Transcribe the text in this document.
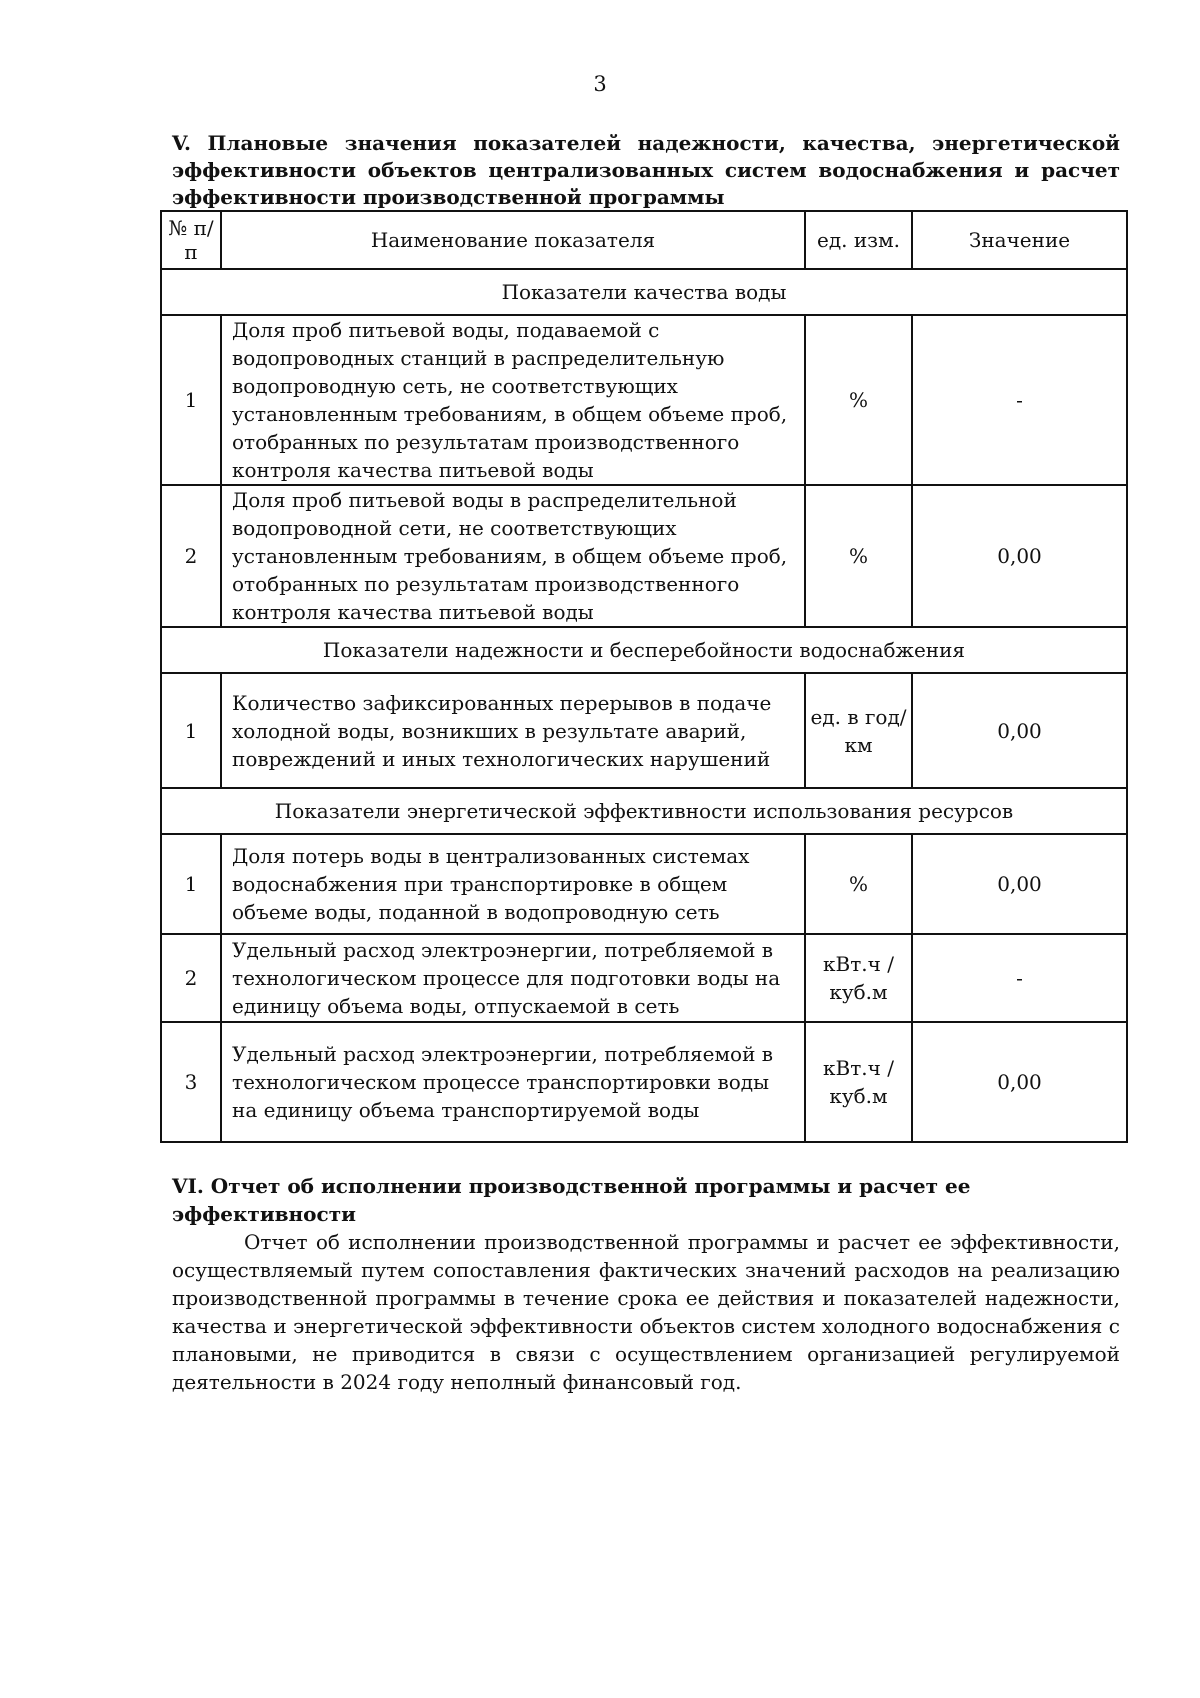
3
V. Плановые значения показателей надежности, качества, энергетической эффективности объектов централизованных систем водоснабжения и расчет эффективности производственной программы
№ п/п	Наименование показателя	ед. изм.	Значение
Показатели качества воды			
1	Доля проб питьевой воды, подаваемой с водопроводных станций в распределительную водопроводную сеть, не соответствующих установленным требованиям, в общем объеме проб, отобранных по результатам производственного контроля качества питьевой воды	%	-
2	Доля проб питьевой воды в распределительной водопроводной сети, не соответствующих установленным требованиям, в общем объеме проб, отобранных по результатам производственного контроля качества питьевой воды	%	0,00
Показатели надежности и бесперебойности водоснабжения			
1	Количество зафиксированных перерывов в подаче холодной воды, возникших в результате аварий, повреждений и иных технологических нарушений	ед. в год/ км	0,00
Показатели энергетической эффективности использования ресурсов			
1	Доля потерь воды в централизованных системах водоснабжения при транспортировке в общем объеме воды, поданной в водопроводную сеть	%	0,00
2	Удельный расход электроэнергии, потребляемой в технологическом процессе для подготовки воды на единицу объема воды, отпускаемой в сеть	кВт.ч / куб.м	-
3	Удельный расход электроэнергии, потребляемой в технологическом процессе транспортировки воды на единицу объема транспортируемой воды	кВт.ч / куб.м	0,00
VI. Отчет об исполнении производственной программы и расчет ее эффективности

Отчет об исполнении производственной программы и расчет ее эффективности, осуществляемый путем сопоставления фактических значений расходов на реализацию производственной программы в течение срока ее действия и показателей надежности, качества и энергетической эффективности объектов систем холодного водоснабжения с плановыми, не приводится в связи с осуществлением организацией регулируемой деятельности в 2024 году неполный финансовый год.
